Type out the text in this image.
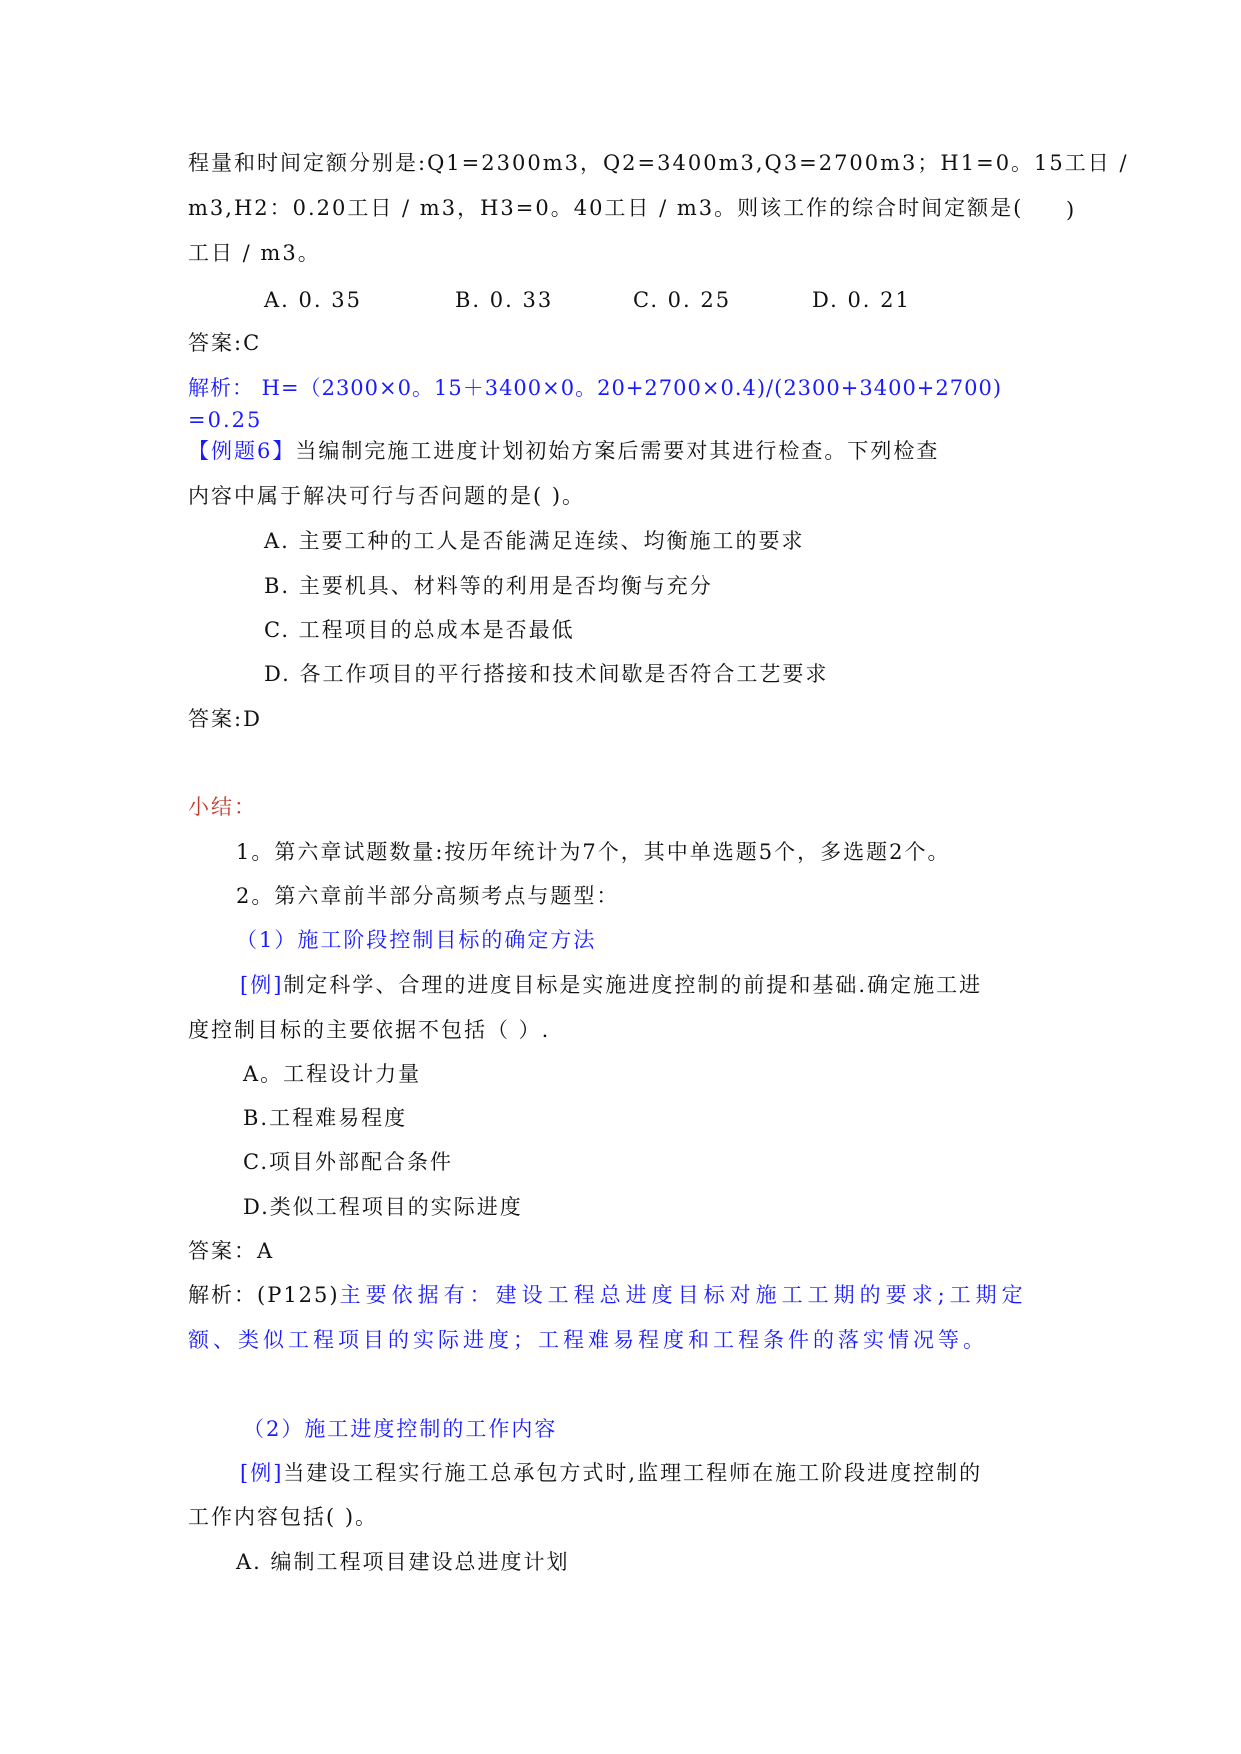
程量和时间定额分别是:Q1=2300m3，Q2=3400m3,Q3=2700m3；H1=0。15工日 /
m3,H2：0.20工日 / m3，H3=0。40工日 / m3。则该工作的综合时间定额是( )
工日 / m3。
A. 0. 35	B. 0. 33	C. 0. 25	D. 0. 21
答案:C
解析： H=（2300×0。15＋3400×0。20+2700×0.4)/(2300+3400+2700)
=0.25
【例题6】当编制完施工进度计划初始方案后需要对其进行检查。下列检查
内容中属于解决可行与否问题的是( )。
A. 主要工种的工人是否能满足连续、均衡施工的要求
B. 主要机具、材料等的利用是否均衡与充分
C. 工程项目的总成本是否最低
D. 各工作项目的平行搭接和技术间歇是否符合工艺要求
答案:D
小结：
1。第六章试题数量:按历年统计为7个，其中单选题5个，多选题2个。
2。第六章前半部分高频考点与题型：
（1）施工阶段控制目标的确定方法
[例]制定科学、合理的进度目标是实施进度控制的前提和基础.确定施工进
度控制目标的主要依据不包括（ ）.
A。工程设计力量
B.工程难易程度
C.项目外部配合条件
D.类似工程项目的实际进度
答案：A
解析：(P125)主要依据有：建设工程总进度目标对施工工期的要求;工期定
额、类似工程项目的实际进度；工程难易程度和工程条件的落实情况等。
（2）施工进度控制的工作内容
[例]当建设工程实行施工总承包方式时,监理工程师在施工阶段进度控制的
工作内容包括( )。
A. 编制工程项目建设总进度计划
